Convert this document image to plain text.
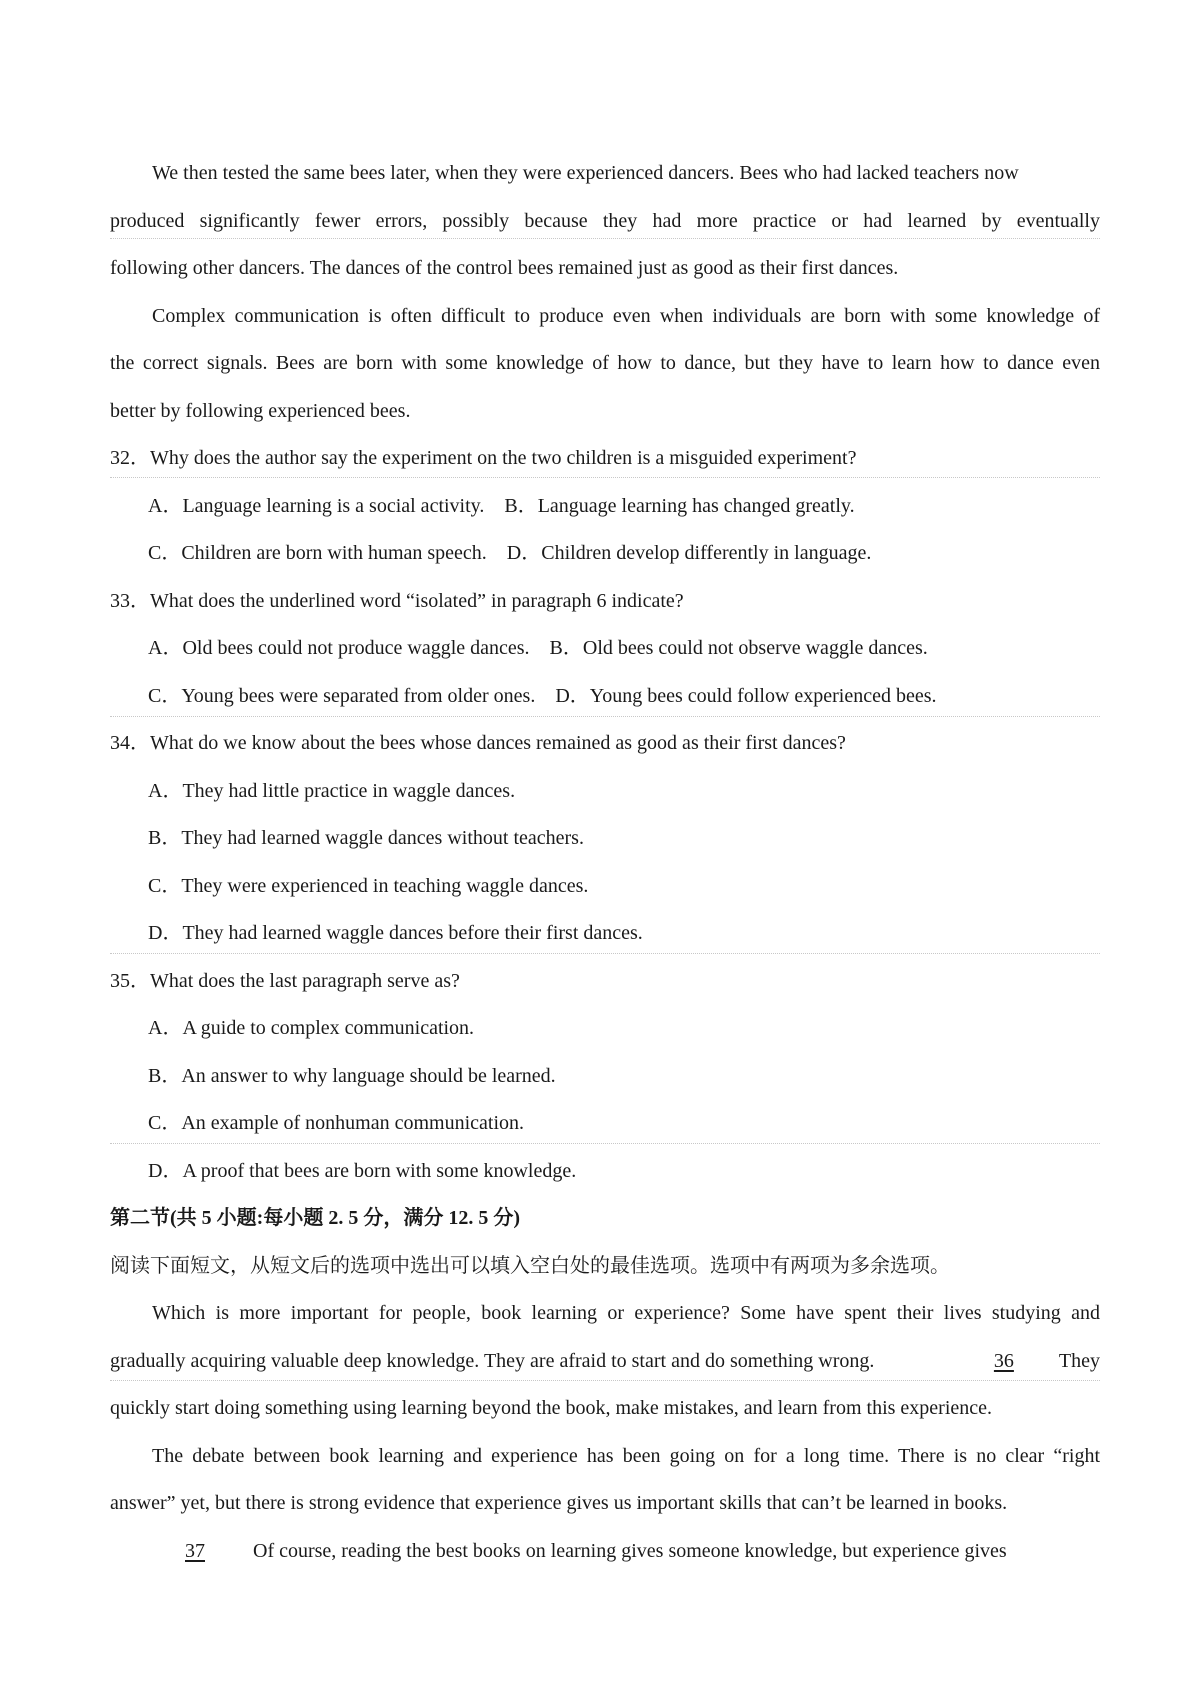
We then tested the same bees later, when they were experienced dancers. Bees who had lacked teachers now
produced significantly fewer errors, possibly because they had more practice or had learned by eventually
following other dancers. The dances of the control bees remained just as good as their first dances.
Complex communication is often difficult to produce even when individuals are born with some knowledge of
the correct signals. Bees are born with some knowledge of how to dance, but they have to learn how to dance even
better by following experienced bees.
32．Why does the author say the experiment on the two children is a misguided experiment?
A．Language learning is a social activity.    B．Language learning has changed greatly.
C．Children are born with human speech.    D．Children develop differently in language.
33．What does the underlined word “isolated” in paragraph 6 indicate?
A．Old bees could not produce waggle dances.    B．Old bees could not observe waggle dances.
C．Young bees were separated from older ones.    D．Young bees could follow experienced bees.
34．What do we know about the bees whose dances remained as good as their first dances?
A．They had little practice in waggle dances.
B．They had learned waggle dances without teachers.
C．They were experienced in teaching waggle dances.
D．They had learned waggle dances before their first dances.
35．What does the last paragraph serve as?
A．A guide to complex communication.
B．An answer to why language should be learned.
C．An example of nonhuman communication.
D．A proof that bees are born with some knowledge.
第二节(共 5 小题:每小题 2. 5 分，满分 12. 5 分)
阅读下面短文，从短文后的选项中选出可以填入空白处的最佳选项。选项中有两项为多余选项。
Which is more important for people, book learning or experience? Some have spent their lives studying and
gradually acquiring valuable deep knowledge. They are afraid to start and do something wrong.	36	They
quickly start doing something using learning beyond the book, make mistakes, and learn from this experience.
The debate between book learning and experience has been going on for a long time. There is no clear “right
answer” yet, but there is strong evidence that experience gives us important skills that can’t be learned in books.
37 Of course, reading the best books on learning gives someone knowledge, but experience gives
